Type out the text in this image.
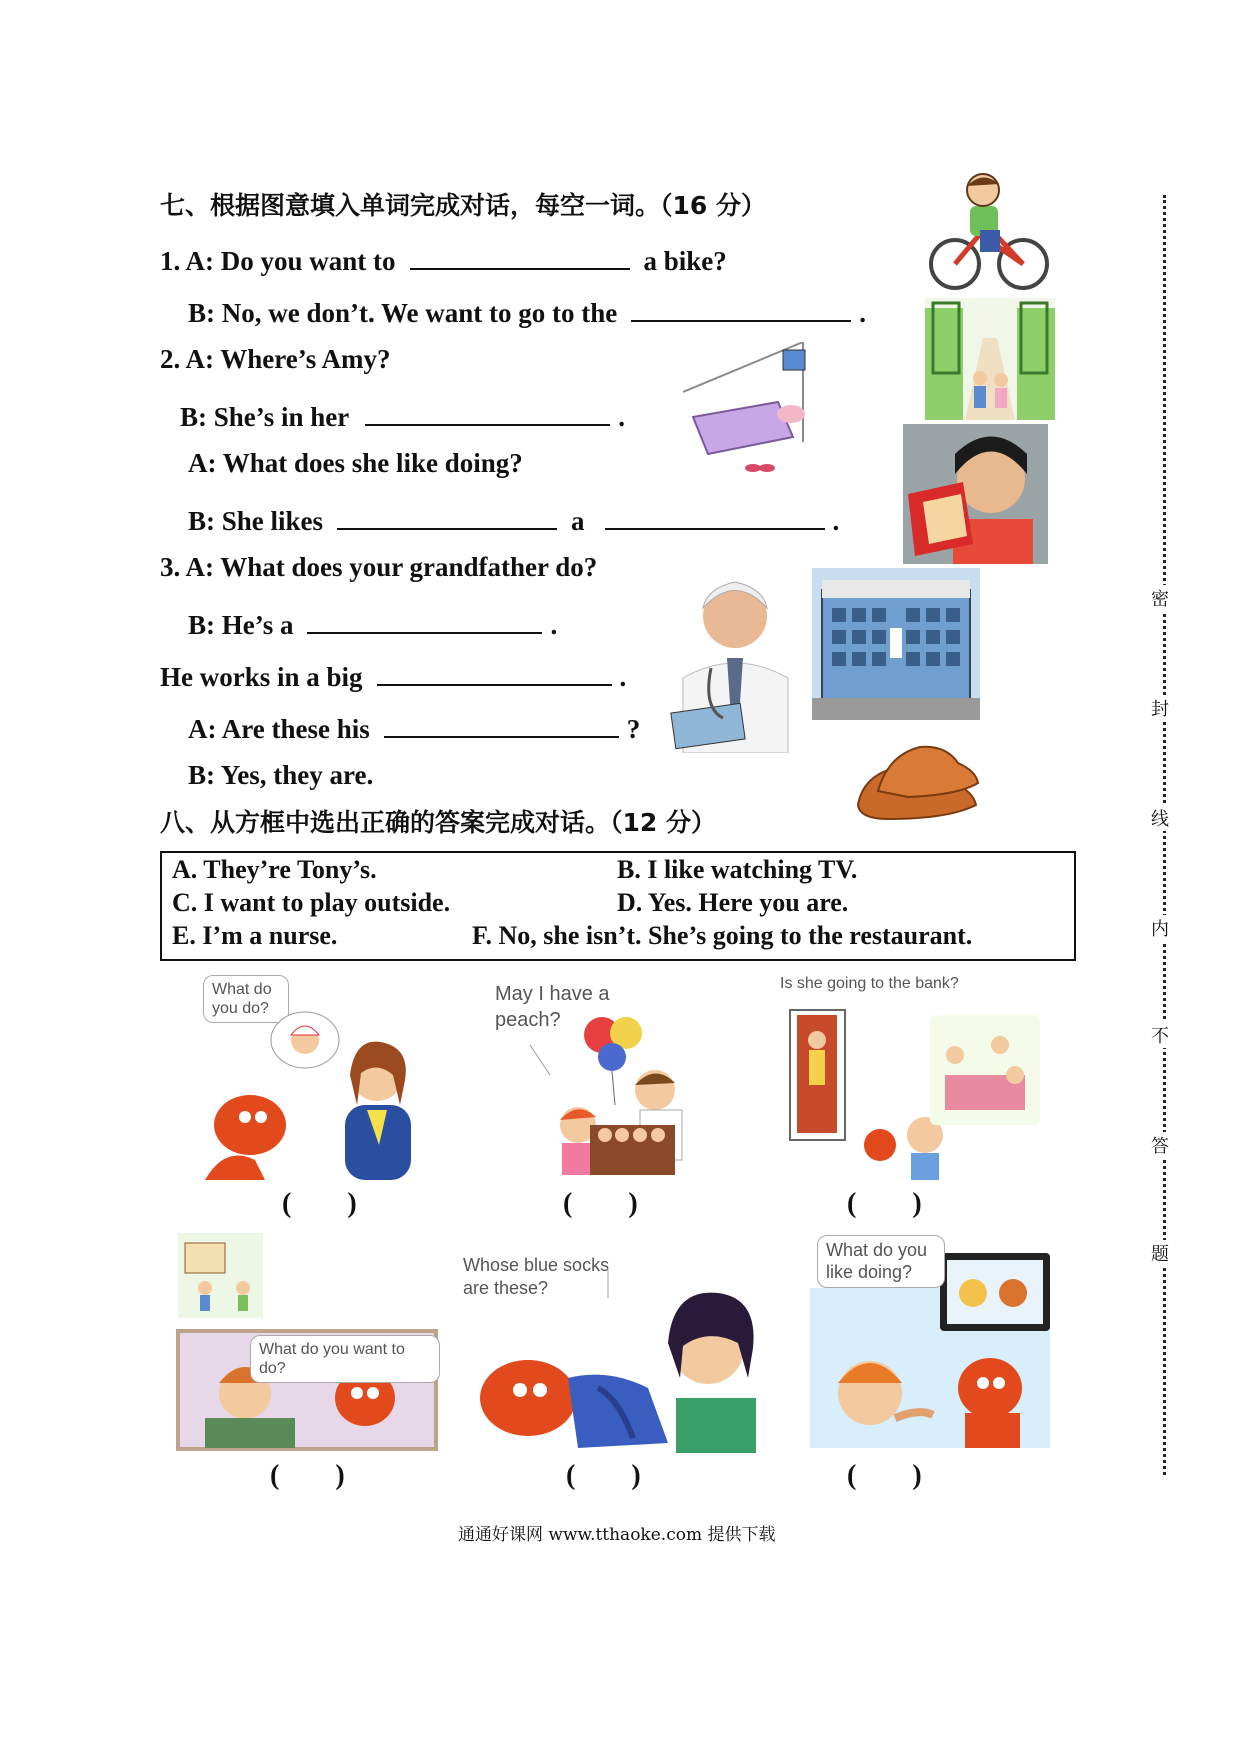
七、根据图意填入单词完成对话，每空一词。（16 分）
1. A: Do you want to	a bike?
B: No, we don’t. We want to go to the	.
2. A: Where’s Amy?
B: She’s in her	.
A: What does she like doing?
B: She likes	a	.
3. A: What does your grandfather do?
B: He’s a	.
He works in a big	.
A: Are these his	?
B: Yes, they are.
八、从方框中选出正确的答案完成对话。（12 分）
A. They’re Tony’s.	B. I like watching TV.
C. I want to play outside.	D. Yes. Here you are.
E. I’m a nurse.	F. No, she isn’t. She’s going to the restaurant.
What do you do?
May I have a peach?
Is she going to the bank?
(        )	(        )	(        )
What do you want to do?
Whose blue socks are these?
What do you like doing?
(        )	(        )	(        )
通通好课网 www.tthaoke.com 提供下载
密
封
线
内
不
答
题
